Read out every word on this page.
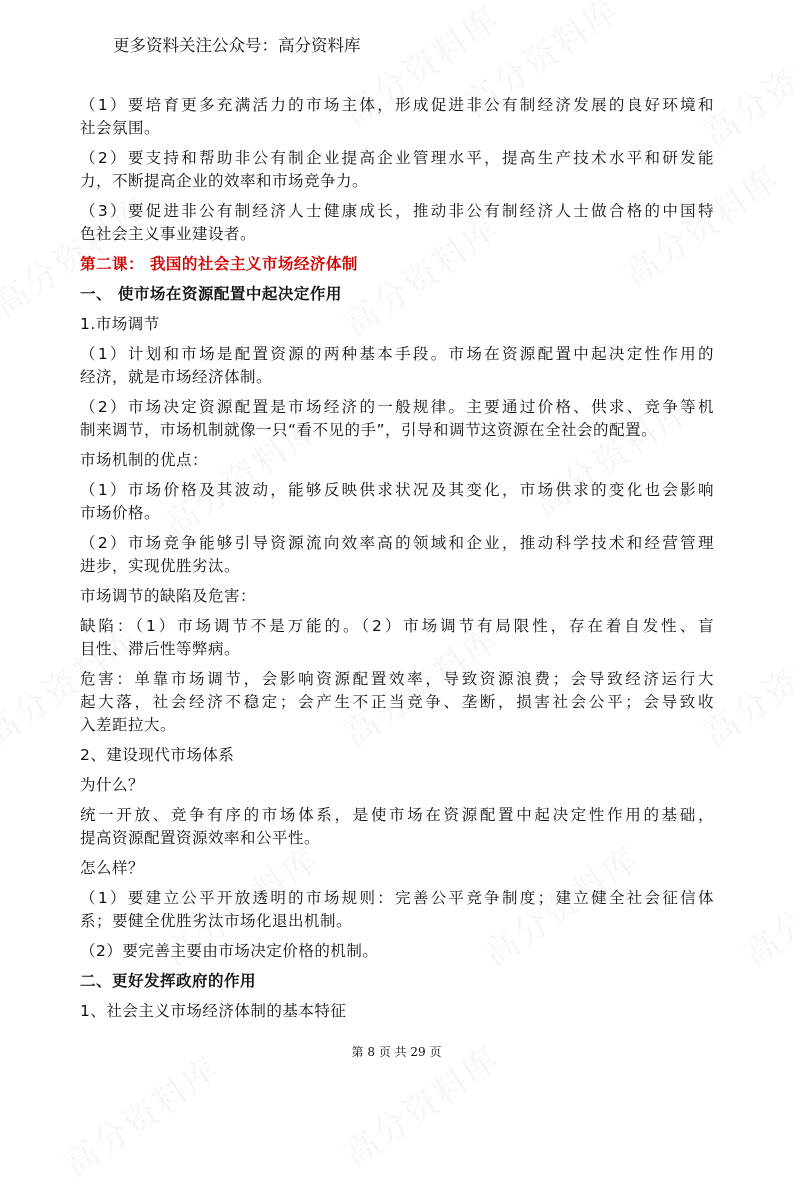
更多资料关注公众号：高分资料库
（1）要培育更多充满活力的市场主体，形成促进非公有制经济发展的良好环境和
社会氛围。
（2）要支持和帮助非公有制企业提高企业管理水平，提高生产技术水平和研发能
力，不断提高企业的效率和市场竞争力。
（3）要促进非公有制经济人士健康成长，推动非公有制经济人士做合格的中国特
色社会主义事业建设者。
第二课： 我国的社会主义市场经济体制
一、 使市场在资源配置中起决定作用
1.市场调节
（1）计划和市场是配置资源的两种基本手段。市场在资源配置中起决定性作用的
经济，就是市场经济体制。
（2）市场决定资源配置是市场经济的一般规律。主要通过价格、供求、竞争等机
制来调节，市场机制就像一只“看不见的手”，引导和调节这资源在全社会的配置。
市场机制的优点：
（1）市场价格及其波动，能够反映供求状况及其变化，市场供求的变化也会影响
市场价格。
（2）市场竞争能够引导资源流向效率高的领域和企业，推动科学技术和经营管理
进步，实现优胜劣汰。
市场调节的缺陷及危害：
缺陷：（1）市场调节不是万能的。（2）市场调节有局限性，存在着自发性、盲
目性、滞后性等弊病。
危害：单靠市场调节，会影响资源配置效率，导致资源浪费；会导致经济运行大
起大落，社会经济不稳定；会产生不正当竞争、垄断，损害社会公平；会导致收
入差距拉大。
2、建设现代市场体系
为什么？
统一开放、竞争有序的市场体系，是使市场在资源配置中起决定性作用的基础，
提高资源配置资源效率和公平性。
怎么样？
（1）要建立公平开放透明的市场规则：完善公平竞争制度；建立健全社会征信体
系；要健全优胜劣汰市场化退出机制。
（2）要完善主要由市场决定价格的机制。
二、更好发挥政府的作用
1、社会主义市场经济体制的基本特征
第 8 页 共 29 页
